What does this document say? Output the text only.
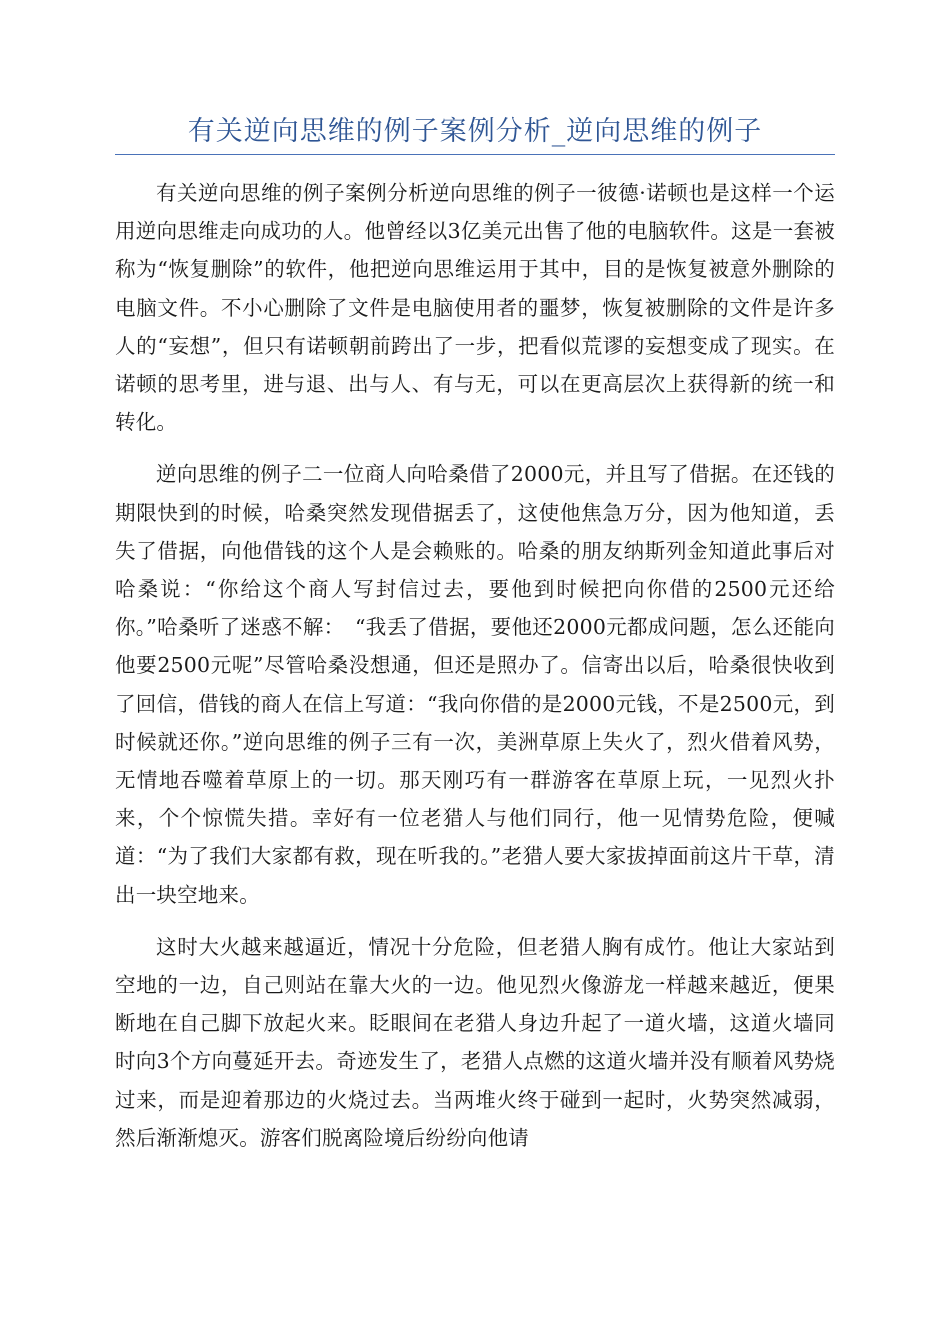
有关逆向思维的例子案例分析_逆向思维的例子

有关逆向思维的例子案例分析逆向思维的例子一彼德·诺顿也是这样一个运用逆向思维走向成功的人。他曾经以3亿美元出售了他的电脑软件。这是一套被称为“恢复删除”的软件，他把逆向思维运用于其中，目的是恢复被意外删除的电脑文件。不小心删除了文件是电脑使用者的噩梦，恢复被删除的文件是许多人的“妄想”，但只有诺顿朝前跨出了一步，把看似荒谬的妄想变成了现实。在诺顿的思考里，进与退、出与人、有与无，可以在更高层次上获得新的统一和转化。

逆向思维的例子二一位商人向哈桑借了2000元，并且写了借据。在还钱的期限快到的时候，哈桑突然发现借据丢了，这使他焦急万分，因为他知道，丢失了借据，向他借钱的这个人是会赖账的。哈桑的朋友纳斯列金知道此事后对哈桑说：“你给这个商人写封信过去，要他到时候把向你借的2500元还给你。”哈桑听了迷惑不解：　“我丢了借据，要他还2000元都成问题，怎么还能向他要2500元呢”尽管哈桑没想通，但还是照办了。信寄出以后，哈桑很快收到了回信，借钱的商人在信上写道：“我向你借的是2000元钱，不是2500元，到时候就还你。”逆向思维的例子三有一次，美洲草原上失火了，烈火借着风势，无情地吞噬着草原上的一切。那天刚巧有一群游客在草原上玩，一见烈火扑来，个个惊慌失措。幸好有一位老猎人与他们同行，他一见情势危险，便喊道：“为了我们大家都有救，现在听我的。”老猎人要大家拔掉面前这片干草，清出一块空地来。

这时大火越来越逼近，情况十分危险，但老猎人胸有成竹。他让大家站到空地的一边，自己则站在靠大火的一边。他见烈火像游龙一样越来越近，便果断地在自己脚下放起火来。眨眼间在老猎人身边升起了一道火墙，这道火墙同时向3个方向蔓延开去。奇迹发生了，老猎人点燃的这道火墙并没有顺着风势烧过来，而是迎着那边的火烧过去。当两堆火终于碰到一起时，火势突然减弱，然后渐渐熄灭。游客们脱离险境后纷纷向他请
